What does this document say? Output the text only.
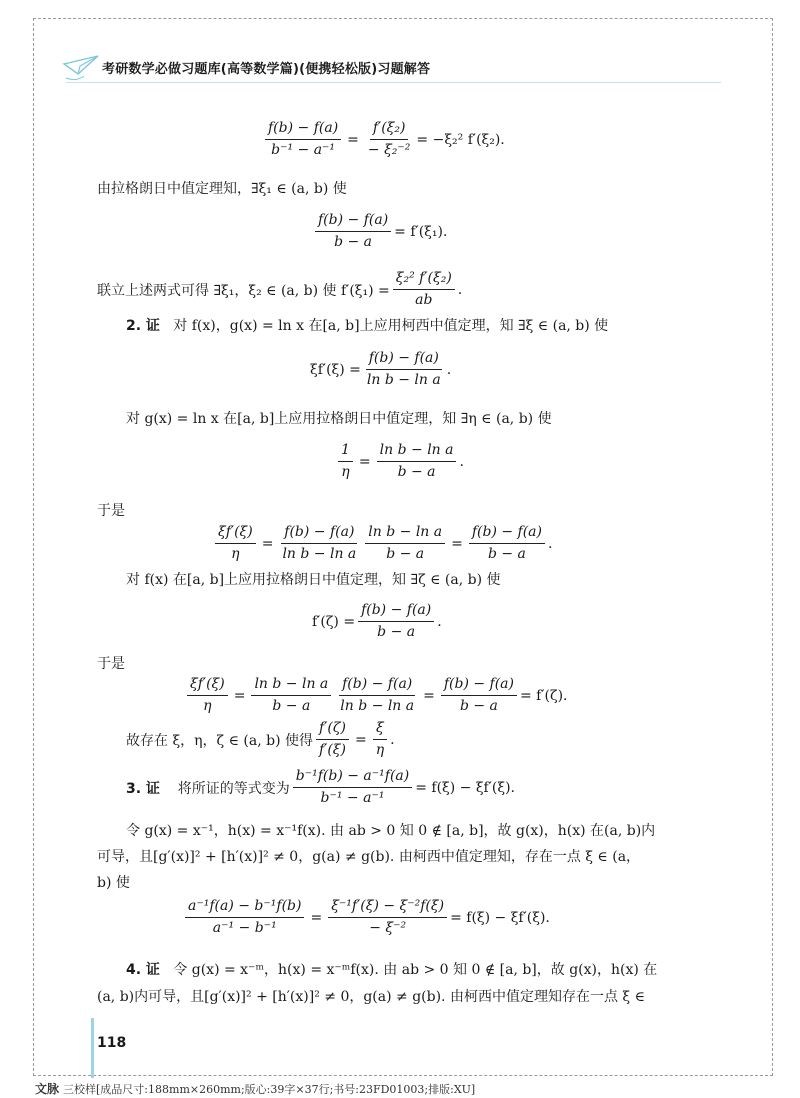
考研数学必做习题库(高等数学篇)(便携轻松版)习题解答
$\frac{f(b) - f(a)}{\text{b⁻¹ − a⁻¹}} = \frac{\text{f′(ξ₂)}}{\text{− ξ₂⁻²}} = -\xi_2^2$ f′(ξ₂).
由拉格朗日中值定理知，∃ξ₁ ∈ (a, b) 使
$\frac{f(b) - f(a)}{b - a} = f'(\xi_1)$.
联立上述两式可得 ∃ξ₁，ξ₂ ∈ (a, b) 使 $f'(\xi_1) = \frac{\text{ξ₂² f′(ξ₂)}}{ab}$ .
2. 证 对 f(x)，g(x) = ln x 在[a, b]上应用柯西中值定理，知 ∃ξ ∈ (a, b) 使
$\xi f'(\xi) = \frac{f(b) - f(a)}{\text{ln b − ln a}}$ .
对 g(x) = ln x 在[a, b]上应用拉格朗日中值定理，知 ∃η ∈ (a, b) 使
$\frac{1}{\eta} = \frac{\text{ln b − ln a}}{b - a}$ .
于是
$\frac{\xi f'(\xi)}{\eta} = \frac{f(b) - f(a)}{\text{ln b − ln a}} \frac{\text{ln b − ln a}}{b - a} = \frac{f(b) - f(a)}{b - a}$ .
对 f(x) 在[a, b]上应用拉格朗日中值定理，知 ∃ζ ∈ (a, b) 使
$f'(\zeta) = \frac{f(b) - f(a)}{b - a}$ .
于是
$\frac{\xi f'(\xi)}{\eta} = \frac{\text{ln b − ln a}}{b - a} \frac{f(b) - f(a)}{\text{ln b − ln a}} = \frac{f(b) - f(a)}{b - a} = f'(\zeta)$.
故存在 ξ，η，ζ ∈ (a, b) 使得 $\frac{f'(\zeta)}{f'(\xi)} = \frac{\xi}{\eta}$ .
3. 证
将所证的等式变为 $\frac{\text{b⁻¹f(b) − a⁻¹f(a)}}{\text{b⁻¹ − a⁻¹}} = f(\xi) - \xi f'(\xi)$.
令 g(x) = x⁻¹，h(x) = x⁻¹f(x). 由 ab > 0 知 0 ∉ [a, b]，故 g(x)，h(x) 在(a, b)内
可导，且[g′(x)]² + [h′(x)]² ≠ 0，g(a) ≠ g(b). 由柯西中值定理知，存在一点 ξ ∈ (a，
b) 使
$\frac{\text{a⁻¹f(a) − b⁻¹f(b)}}{\text{a⁻¹ − b⁻¹}} = \frac{\text{ξ⁻¹f′(ξ) − ξ⁻²f(ξ)}}{\text{− ξ⁻²}} = f(\xi) - \xi f'(\xi)$.
4. 证 令 g(x) = x⁻ᵐ，h(x) = x⁻ᵐf(x). 由 ab > 0 知 0 ∉ [a, b]，故 g(x)，h(x) 在
(a, b)内可导，且[g′(x)]² + [h′(x)]² ≠ 0，g(a) ≠ g(b). 由柯西中值定理知存在一点 ξ ∈
118
文脉 三校样[成品尺寸:188mm×260mm;版心:39字×37行;书号:23FD01003;排版:XU]
